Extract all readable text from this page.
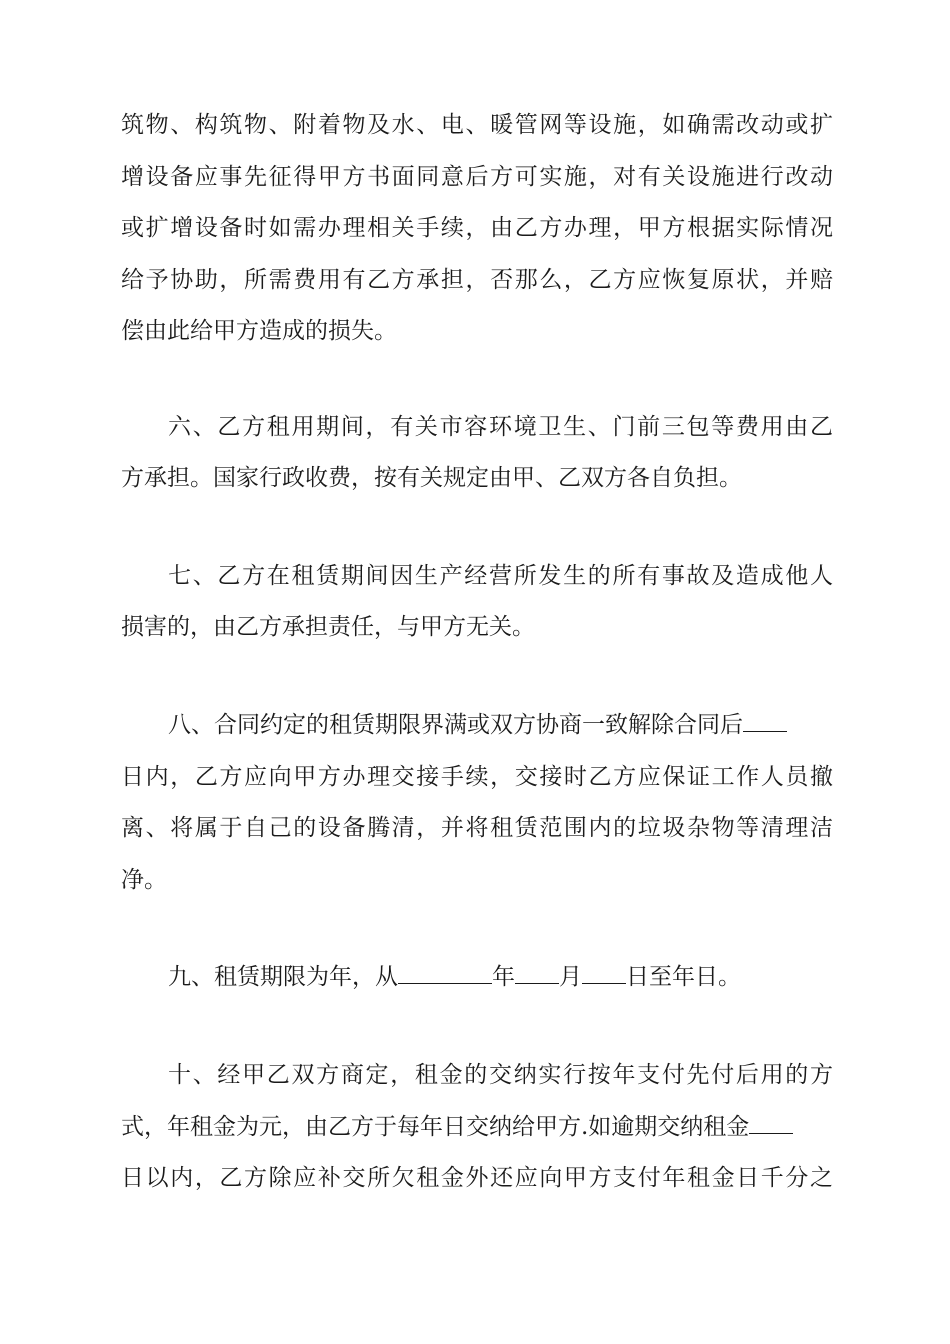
筑物、构筑物、附着物及水、电、暖管网等设施，如确需改动或扩
增设备应事先征得甲方书面同意后方可实施，对有关设施进行改动
或扩增设备时如需办理相关手续，由乙方办理，甲方根据实际情况
给予协助，所需费用有乙方承担，否那么，乙方应恢复原状，并赔
偿由此给甲方造成的损失。
六、乙方租用期间，有关市容环境卫生、门前三包等费用由乙
方承担。国家行政收费，按有关规定由甲、乙双方各自负担。
七、乙方在租赁期间因生产经营所发生的所有事故及造成他人
损害的，由乙方承担责任，与甲方无关。
八、合同约定的租赁期限界满或双方协商一致解除合同后
日内，乙方应向甲方办理交接手续，交接时乙方应保证工作人员撤
离、将属于自己的设备腾清，并将租赁范围内的垃圾杂物等清理洁
净。
九、租赁期限为年，从	年 月 日至年日。
十、经甲乙双方商定，租金的交纳实行按年支付先付后用的方
式，年租金为元，由乙方于每年日交纳给甲方.如逾期交纳租金
日以内，乙方除应补交所欠租金外还应向甲方支付年租金日千分之
